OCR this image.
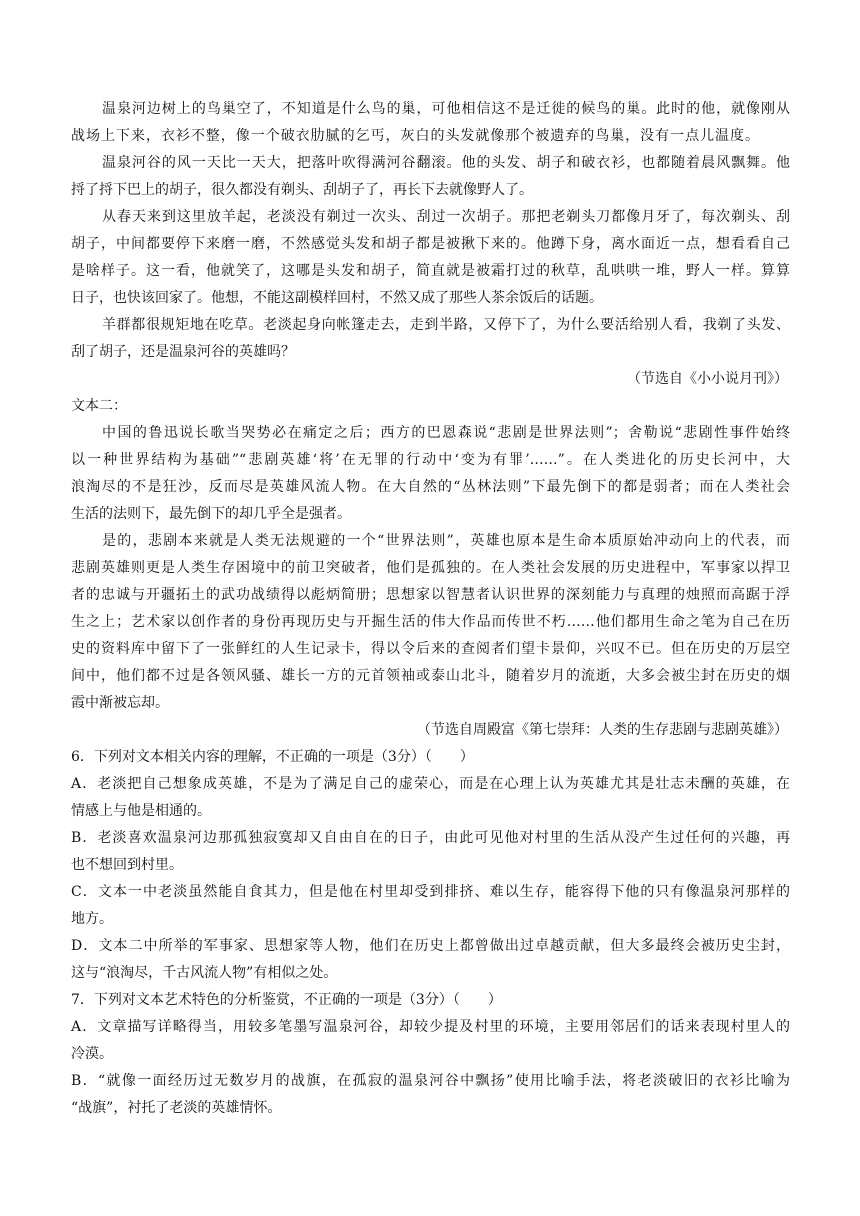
温泉河边树上的鸟巢空了，不知道是什么鸟的巢，可他相信这不是迁徙的候鸟的巢。此时的他，就像刚从
战场上下来，衣衫不整，像一个破衣肋腻的乞丐，灰白的头发就像那个被遗弃的鸟巢，没有一点儿温度。
温泉河谷的风一天比一天大，把落叶吹得满河谷翻滚。他的头发、胡子和破衣衫，也都随着晨风飘舞。他
捋了捋下巴上的胡子，很久都没有剃头、刮胡子了，再长下去就像野人了。
从春天来到这里放羊起，老淡没有剃过一次头、刮过一次胡子。那把老剃头刀都像月牙了，每次剃头、刮
胡子，中间都要停下来磨一磨，不然感觉头发和胡子都是被揪下来的。他蹲下身，离水面近一点，想看看自己
是啥样子。这一看，他就笑了，这哪是头发和胡子，简直就是被霜打过的秋草，乱哄哄一堆，野人一样。算算
日子，也快该回家了。他想，不能这副模样回村，不然又成了那些人茶余饭后的话题。
羊群都很规矩地在吃草。老淡起身向帐篷走去，走到半路，又停下了，为什么要活给别人看，我剃了头发、
刮了胡子，还是温泉河谷的英雄吗？
（节选自《小小说月刊》）
文本二：
中国的鲁迅说长歌当哭势必在痛定之后；西方的巴恩森说“悲剧是世界法则”；舍勒说“悲剧性事件始终
以一种世界结构为基础”“悲剧英雄‘将’在无罪的行动中‘变为有罪’……”。在人类进化的历史长河中，大
浪淘尽的不是狂沙，反而尽是英雄风流人物。在大自然的“丛林法则”下最先倒下的都是弱者；而在人类社会
生活的法则下，最先倒下的却几乎全是强者。
是的，悲剧本来就是人类无法规避的一个“世界法则”，英雄也原本是生命本质原始冲动向上的代表，而
悲剧英雄则更是人类生存困境中的前卫突破者，他们是孤独的。在人类社会发展的历史进程中，军事家以捍卫
者的忠诚与开疆拓土的武功战绩得以彪炳简册；思想家以智慧者认识世界的深刻能力与真理的烛照而高踞于浮
生之上；艺术家以创作者的身份再现历史与开掘生活的伟大作品而传世不朽……他们都用生命之笔为自己在历
史的资料库中留下了一张鲜红的人生记录卡，得以令后来的查阅者们望卡景仰，兴叹不已。但在历史的万层空
间中，他们都不过是各领风骚、雄长一方的元首领袖或泰山北斗，随着岁月的流逝，大多会被尘封在历史的烟
霞中渐被忘却。
（节选自周殿富《第七崇拜：人类的生存悲剧与悲剧英雄》）
6．下列对文本相关内容的理解，不正确的一项是（3分）（　　）
A．老淡把自己想象成英雄，不是为了满足自己的虚荣心，而是在心理上认为英雄尤其是壮志未酬的英雄，在
情感上与他是相通的。
B．老淡喜欢温泉河边那孤独寂寞却又自由自在的日子，由此可见他对村里的生活从没产生过任何的兴趣，再
也不想回到村里。
C．文本一中老淡虽然能自食其力，但是他在村里却受到排挤、难以生存，能容得下他的只有像温泉河那样的
地方。
D．文本二中所举的军事家、思想家等人物，他们在历史上都曾做出过卓越贡献，但大多最终会被历史尘封，
这与“浪淘尽，千古风流人物”有相似之处。
7．下列对文本艺术特色的分析鉴赏，不正确的一项是（3分）（　　）
A．文章描写详略得当，用较多笔墨写温泉河谷，却较少提及村里的环境，主要用邻居们的话来表现村里人的
冷漠。
B．“就像一面经历过无数岁月的战旗，在孤寂的温泉河谷中飘扬”使用比喻手法，将老淡破旧的衣衫比喻为
“战旗”，衬托了老淡的英雄情怀。
